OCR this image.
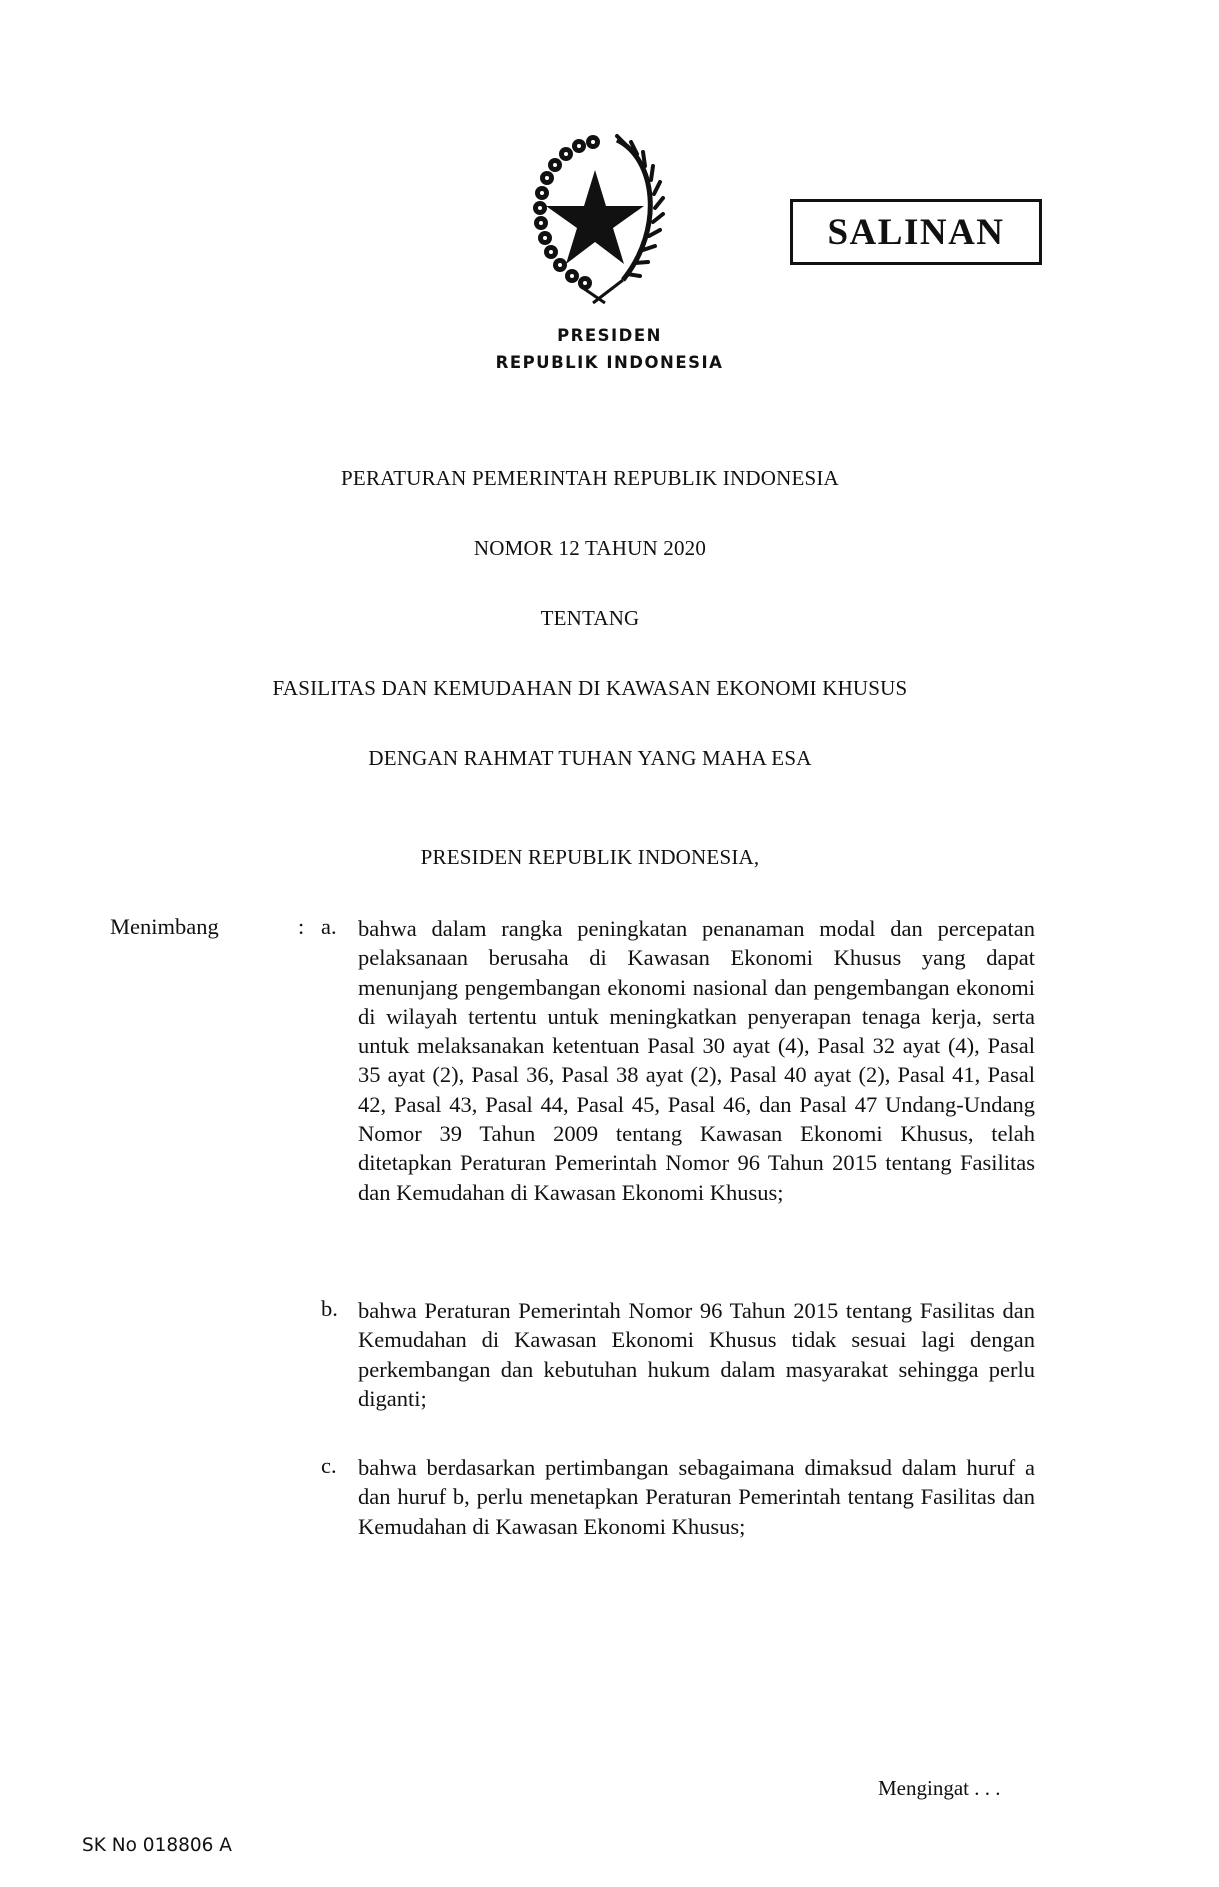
SALINAN
PRESIDEN
REPUBLIK INDONESIA
PERATURAN PEMERINTAH REPUBLIK INDONESIA
NOMOR 12 TAHUN 2020
TENTANG
FASILITAS DAN KEMUDAHAN DI KAWASAN EKONOMI KHUSUS
DENGAN RAHMAT TUHAN YANG MAHA ESA
PRESIDEN REPUBLIK INDONESIA,
Menimbang	: a. bahwa dalam rangka peningkatan penanaman modal dan percepatan pelaksanaan berusaha di Kawasan Ekonomi Khusus yang dapat menunjang pengembangan ekonomi nasional dan pengembangan ekonomi di wilayah tertentu untuk meningkatkan penyerapan tenaga kerja, serta untuk melaksanakan ketentuan Pasal 30 ayat (4), Pasal 32 ayat (4), Pasal 35 ayat (2), Pasal 36, Pasal 38 ayat (2), Pasal 40 ayat (2), Pasal 41, Pasal 42, Pasal 43, Pasal 44, Pasal 45, Pasal 46, dan Pasal 47 Undang-Undang Nomor 39 Tahun 2009 tentang Kawasan Ekonomi Khusus, telah ditetapkan Peraturan Pemerintah Nomor 96 Tahun 2015 tentang Fasilitas dan Kemudahan di Kawasan Ekonomi Khusus;
b. bahwa Peraturan Pemerintah Nomor 96 Tahun 2015 tentang Fasilitas dan Kemudahan di Kawasan Ekonomi Khusus tidak sesuai lagi dengan perkembangan dan kebutuhan hukum dalam masyarakat sehingga perlu diganti;
c. bahwa berdasarkan pertimbangan sebagaimana dimaksud dalam huruf a dan huruf b, perlu menetapkan Peraturan Pemerintah tentang Fasilitas dan Kemudahan di Kawasan Ekonomi Khusus;
Mengingat . . .
SK No 018806 A
